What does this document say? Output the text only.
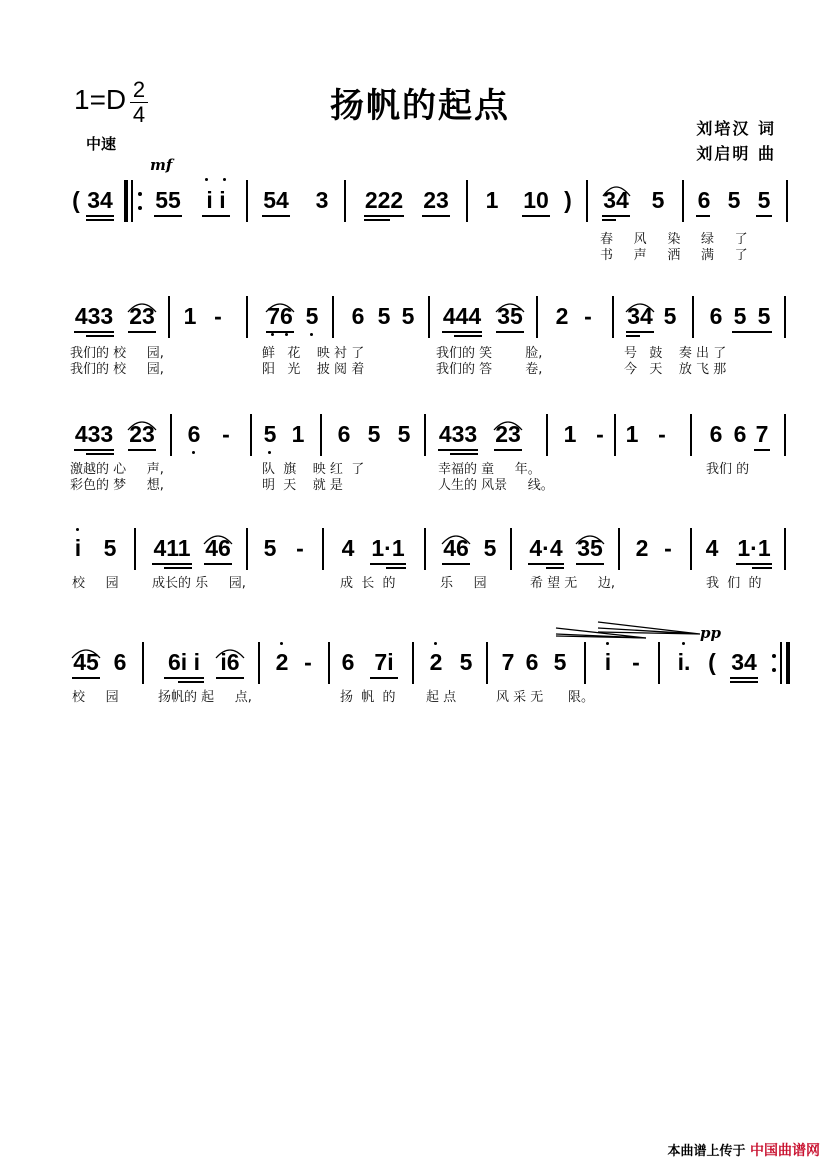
扬帆的起点
1=D 2
4
中速
刘培汉 词
刘启明 曲
mf
pp
( 34 55 i i 54 3 222 23 1 10 ) 34 5 6 5 5
春     风     染     绿     了
书     声     洒     满     了
433 23 1 - 76 5 6 5 5 444 35 2 - 34 5 6 5 5
我们的 校     园,	鲜   花    映 衬 了	我们的 笑        脸,	号   鼓    奏 出 了
我们的 校     园,	阳   光    披 阅 着	我们的 答        卷,	今   天    放 飞 那
433 23 6 - 5 1 6 5 5 433 23 1 - 1 - 6 6 7
激越的 心     声,	队  旗    映 红  了	幸福的 童     年。	我们 的
彩色的 梦     想,	明  天    就 是	人生的 风景     线。
i 5 411 46 5 - 4 1·1 46 5 4·4 35 2 - 4 1·1
校     园	成长的 乐     园,	成  长  的	乐     园	希 望 无     边,	我  们  的
45 6 6i i i6 2 - 6 7i 2 5 7 6 5 i - i. ( 34
校     园	扬帆的 起     点,	扬  帆  的 起 点	风 采 无      限。
本曲谱上传于 中国曲谱网
